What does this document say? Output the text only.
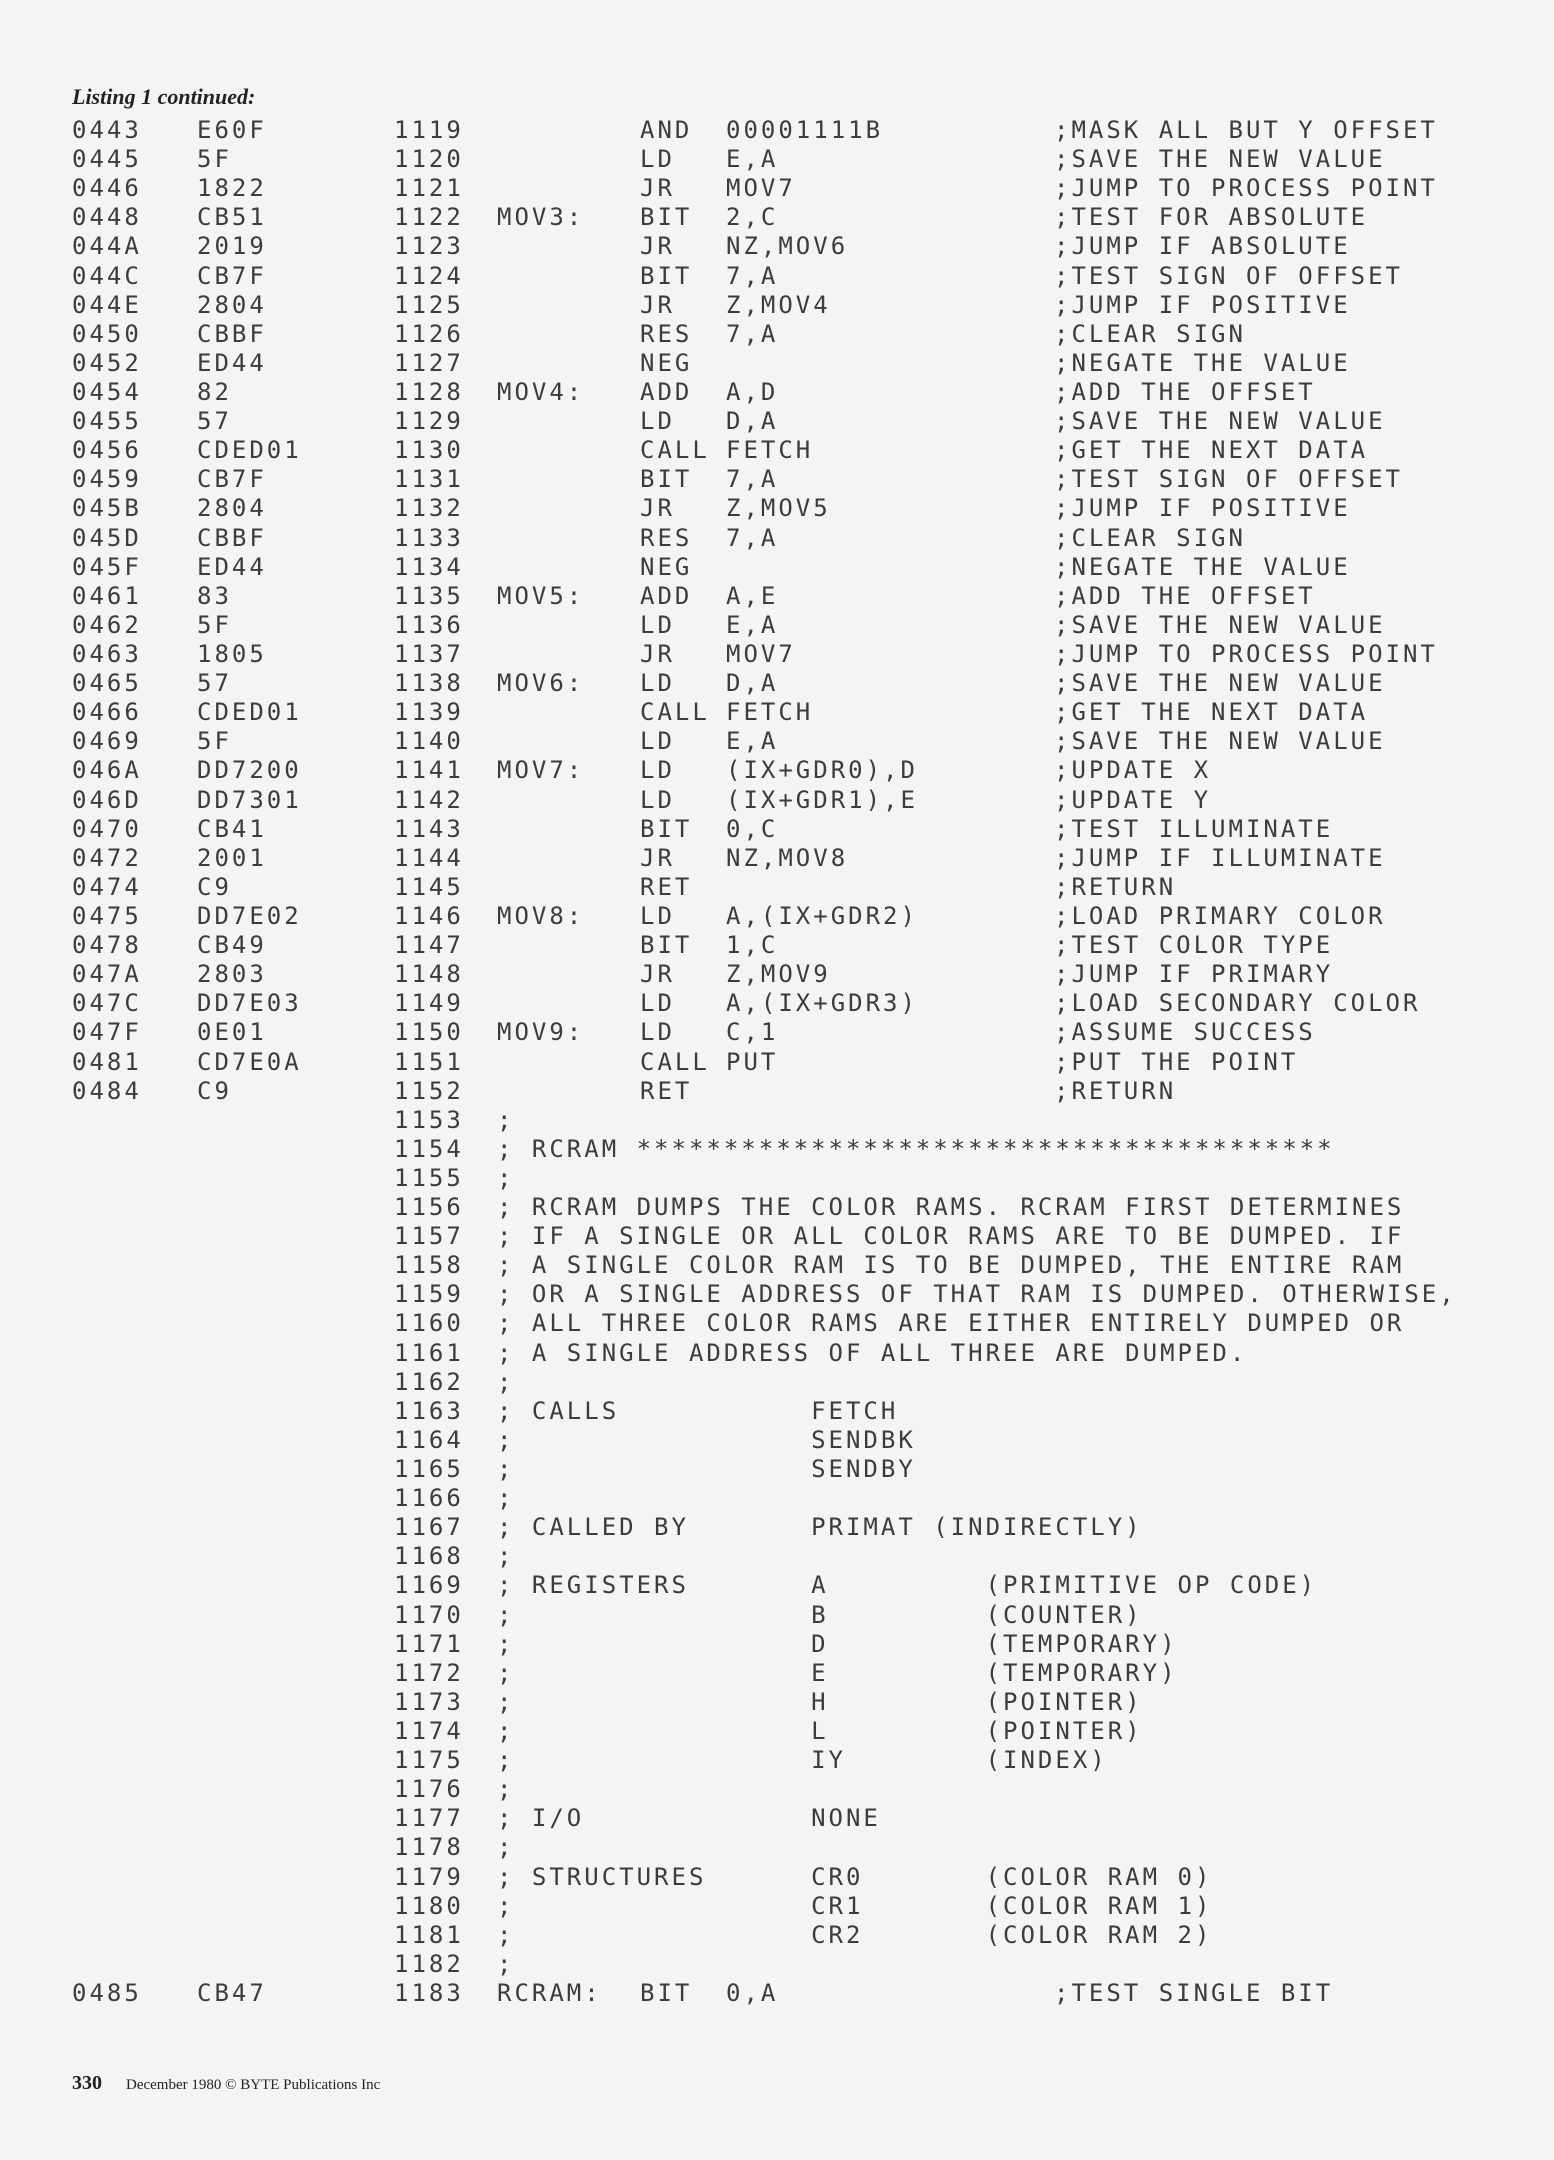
Listing 1 continued:
0443 E60F	1119	AND 00001111B	;MASK ALL BUT Y OFFSET
0445 5F	1120	LD E,A	;SAVE THE NEW VALUE
0446 1822	1121	JR MOV7	;JUMP TO PROCESS POINT
0448 CB51	1122 MOV3: BIT 2,C	;TEST FOR ABSOLUTE
044A 2019	1123	JR NZ,MOV6	;JUMP IF ABSOLUTE
044C CB7F	1124	BIT 7,A	;TEST SIGN OF OFFSET
044E 2804	1125	JR Z,MOV4	;JUMP IF POSITIVE
0450 CBBF	1126	RES 7,A	;CLEAR SIGN
0452 ED44	1127	NEG	;NEGATE THE VALUE
0454 82	1128 MOV4: ADD A,D	;ADD THE OFFSET
0455 57	1129	LD D,A	;SAVE THE NEW VALUE
0456 CDED01	1130	CALL FETCH	;GET THE NEXT DATA
0459 CB7F	1131	BIT 7,A	;TEST SIGN OF OFFSET
045B 2804	1132	JR Z,MOV5	;JUMP IF POSITIVE
045D CBBF	1133	RES 7,A	;CLEAR SIGN
045F ED44	1134	NEG	;NEGATE THE VALUE
0461 83	1135 MOV5: ADD A,E	;ADD THE OFFSET
0462 5F	1136	LD E,A	;SAVE THE NEW VALUE
0463 1805	1137	JR MOV7	;JUMP TO PROCESS POINT
0465 57	1138 MOV6: LD D,A	;SAVE THE NEW VALUE
0466 CDED01	1139	CALL FETCH	;GET THE NEXT DATA
0469 5F	1140	LD E,A	;SAVE THE NEW VALUE
046A DD7200	1141 MOV7: LD (IX+GDR0),D	;UPDATE X
046D DD7301	1142	LD (IX+GDR1),E	;UPDATE Y
0470 CB41	1143	BIT 0,C	;TEST ILLUMINATE
0472 2001	1144	JR NZ,MOV8	;JUMP IF ILLUMINATE
0474 C9	1145	RET	;RETURN
0475 DD7E02	1146 MOV8: LD A,(IX+GDR2)	;LOAD PRIMARY COLOR
0478 CB49	1147	BIT 1,C	;TEST COLOR TYPE
047A 2803	1148	JR Z,MOV9	;JUMP IF PRIMARY
047C DD7E03	1149	LD A,(IX+GDR3)	;LOAD SECONDARY COLOR
047F 0E01	1150 MOV9: LD C,1	;ASSUME SUCCESS
0481 CD7E0A	1151	CALL PUT	;PUT THE POINT
0484 C9	1152	RET	;RETURN
1153 ;
1154 ; RCRAM ****************************************
1155 ;
1156 ; RCRAM DUMPS THE COLOR RAMS. RCRAM FIRST DETERMINES
1157 ; IF A SINGLE OR ALL COLOR RAMS ARE TO BE DUMPED. IF
1158 ; A SINGLE COLOR RAM IS TO BE DUMPED, THE ENTIRE RAM
1159 ; OR A SINGLE ADDRESS OF THAT RAM IS DUMPED. OTHERWISE,
1160 ; ALL THREE COLOR RAMS ARE EITHER ENTIRELY DUMPED OR
1161 ; A SINGLE ADDRESS OF ALL THREE ARE DUMPED.
1162 ;
1163 ; CALLS           FETCH
1164 ;                 SENDBK
1165 ;                 SENDBY
1166 ;
1167 ; CALLED BY       PRIMAT (INDIRECTLY)
1168 ;
1169 ; REGISTERS       A         (PRIMITIVE OP CODE)
1170 ;                 B         (COUNTER)
1171 ;                 D         (TEMPORARY)
1172 ;                 E         (TEMPORARY)
1173 ;                 H         (POINTER)
1174 ;                 L         (POINTER)
1175 ;                 IY        (INDEX)
1176 ;
1177 ; I/O             NONE
1178 ;
1179 ; STRUCTURES      CR0       (COLOR RAM 0)
1180 ;                 CR1       (COLOR RAM 1)
1181 ;                 CR2       (COLOR RAM 2)
1182 ;
0485 CB47	1183 RCRAM: BIT 0,A	;TEST SINGLE BIT
330 December 1980 © BYTE Publications Inc
